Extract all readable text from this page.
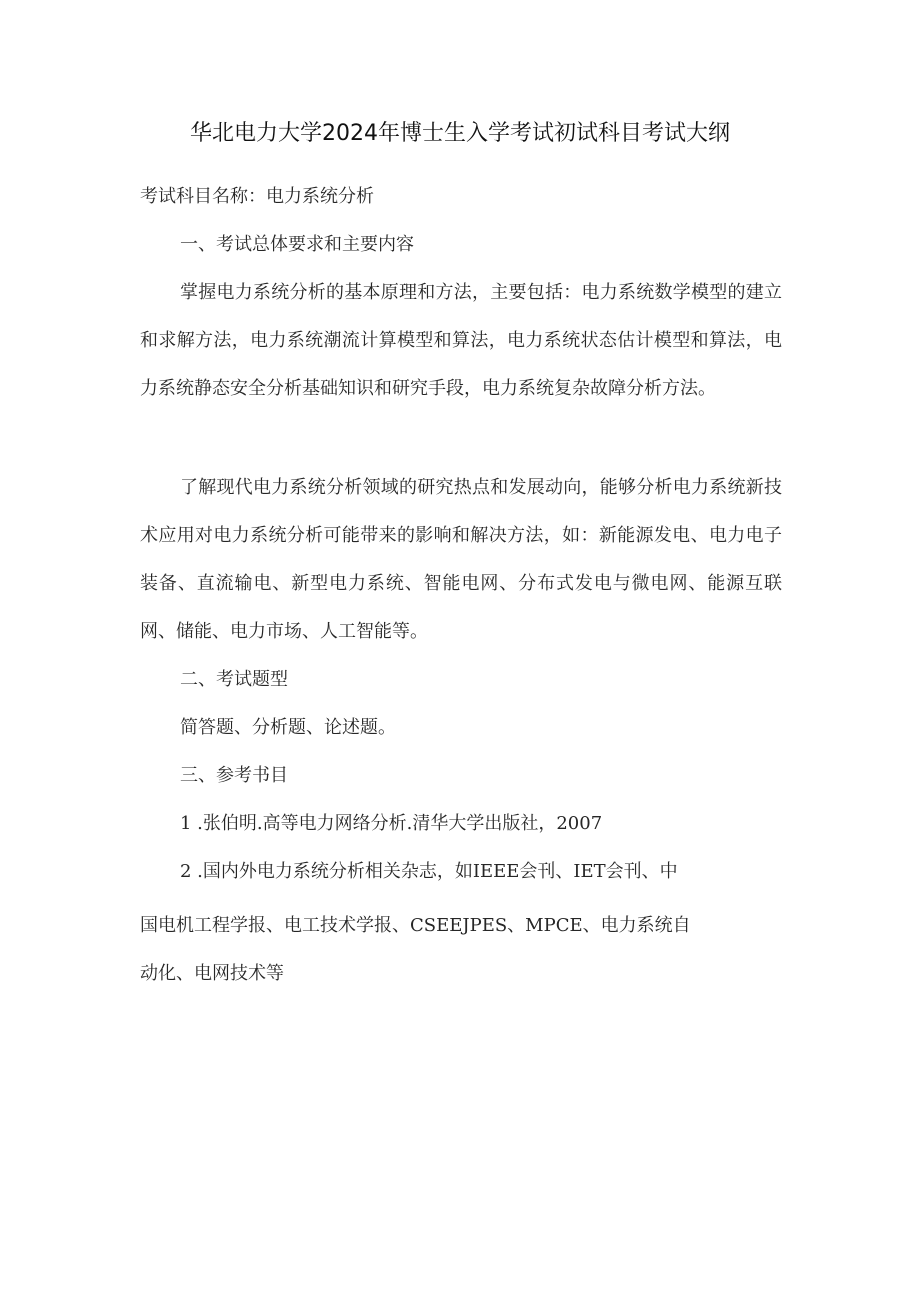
华北电力大学2024年博士生入学考试初试科目考试大纲
考试科目名称：电力系统分析
一、考试总体要求和主要内容
掌握电力系统分析的基本原理和方法，主要包括：电力系统数学模型的建立和求解方法，电力系统潮流计算模型和算法，电力系统状态估计模型和算法，电力系统静态安全分析基础知识和研究手段，电力系统复杂故障分析方法。
了解现代电力系统分析领域的研究热点和发展动向，能够分析电力系统新技术应用对电力系统分析可能带来的影响和解决方法，如：新能源发电、电力电子装备、直流输电、新型电力系统、智能电网、分布式发电与微电网、能源互联网、储能、电力市场、人工智能等。
二、考试题型
简答题、分析题、论述题。
三、参考书目
1 .张伯明.高等电力网络分析.清华大学出版社，2007
2 .国内外电力系统分析相关杂志，如IEEE会刊、IET会刊、中
国电机工程学报、电工技术学报、CSEEJPES、MPCE、电力系统自
动化、电网技术等
